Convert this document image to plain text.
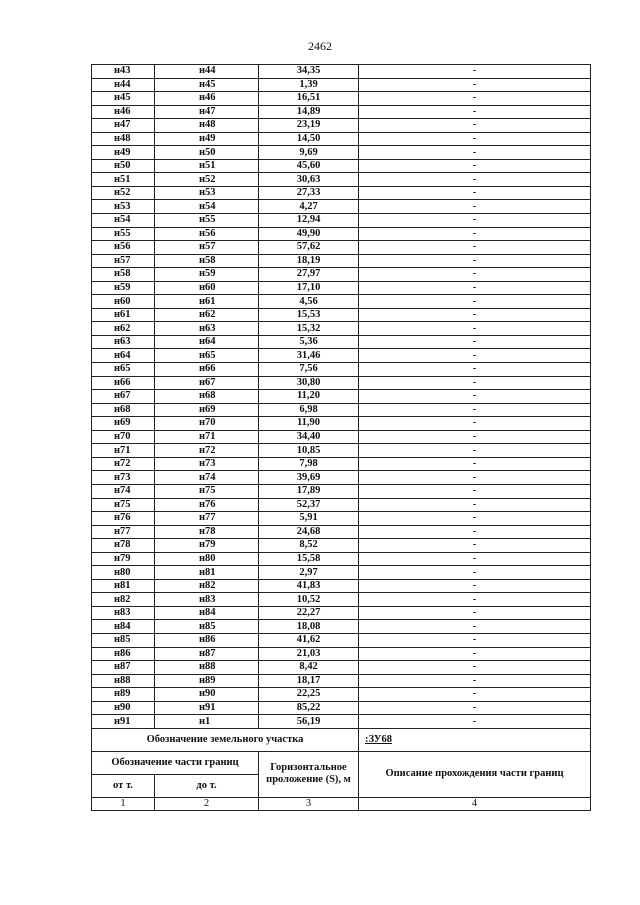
2462
н43	н44	34,35	-
н44	н45	1,39	-
н45	н46	16,51	-
н46	н47	14,89	-
н47	н48	23,19	-
н48	н49	14,50	-
н49	н50	9,69	-
н50	н51	45,60	-
н51	н52	30,63	-
н52	н53	27,33	-
н53	н54	4,27	-
н54	н55	12,94	-
н55	н56	49,90	-
н56	н57	57,62	-
н57	н58	18,19	-
н58	н59	27,97	-
н59	н60	17,10	-
н60	н61	4,56	-
н61	н62	15,53	-
н62	н63	15,32	-
н63	н64	5,36	-
н64	н65	31,46	-
н65	н66	7,56	-
н66	н67	30,80	-
н67	н68	11,20	-
н68	н69	6,98	-
н69	н70	11,90	-
н70	н71	34,40	-
н71	н72	10,85	-
н72	н73	7,98	-
н73	н74	39,69	-
н74	н75	17,89	-
н75	н76	52,37	-
н76	н77	5,91	-
н77	н78	24,68	-
н78	н79	8,52	-
н79	н80	15,58	-
н80	н81	2,97	-
н81	н82	41,83	-
н82	н83	10,52	-
н83	н84	22,27	-
н84	н85	18,08	-
н85	н86	41,62	-
н86	н87	21,03	-
н87	н88	8,42	-
н88	н89	18,17	-
н89	н90	22,25	-
н90	н91	85,22	-
н91	н1	56,19	-
Обозначение земельного участка			:ЗУ68
Обозначение части границ		Горизонтальное проложение (S), м	Описание прохождения части границ
от т.	до т.		
1	2	3	4
